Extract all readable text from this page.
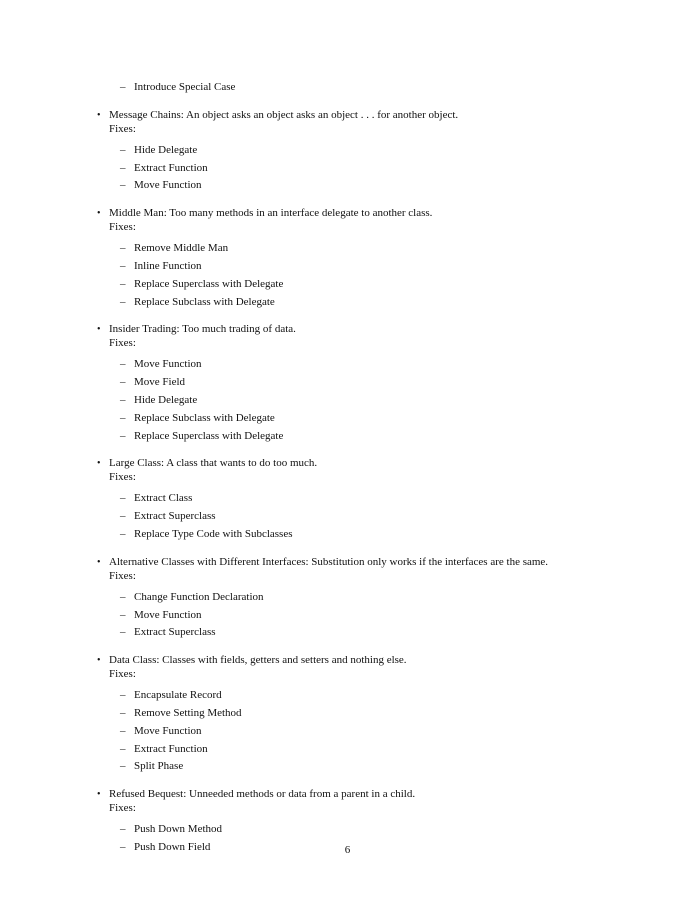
– Introduce Special Case
• Message Chains: An object asks an object asks an object . . . for another object.
Fixes:
– Hide Delegate
– Extract Function
– Move Function
• Middle Man: Too many methods in an interface delegate to another class.
Fixes:
– Remove Middle Man
– Inline Function
– Replace Superclass with Delegate
– Replace Subclass with Delegate
• Insider Trading: Too much trading of data.
Fixes:
– Move Function
– Move Field
– Hide Delegate
– Replace Subclass with Delegate
– Replace Superclass with Delegate
• Large Class: A class that wants to do too much.
Fixes:
– Extract Class
– Extract Superclass
– Replace Type Code with Subclasses
• Alternative Classes with Different Interfaces: Substitution only works if the interfaces are the same.
Fixes:
– Change Function Declaration
– Move Function
– Extract Superclass
• Data Class: Classes with fields, getters and setters and nothing else.
Fixes:
– Encapsulate Record
– Remove Setting Method
– Move Function
– Extract Function
– Split Phase
• Refused Bequest: Unneeded methods or data from a parent in a child.
Fixes:
– Push Down Method
– Push Down Field	6
